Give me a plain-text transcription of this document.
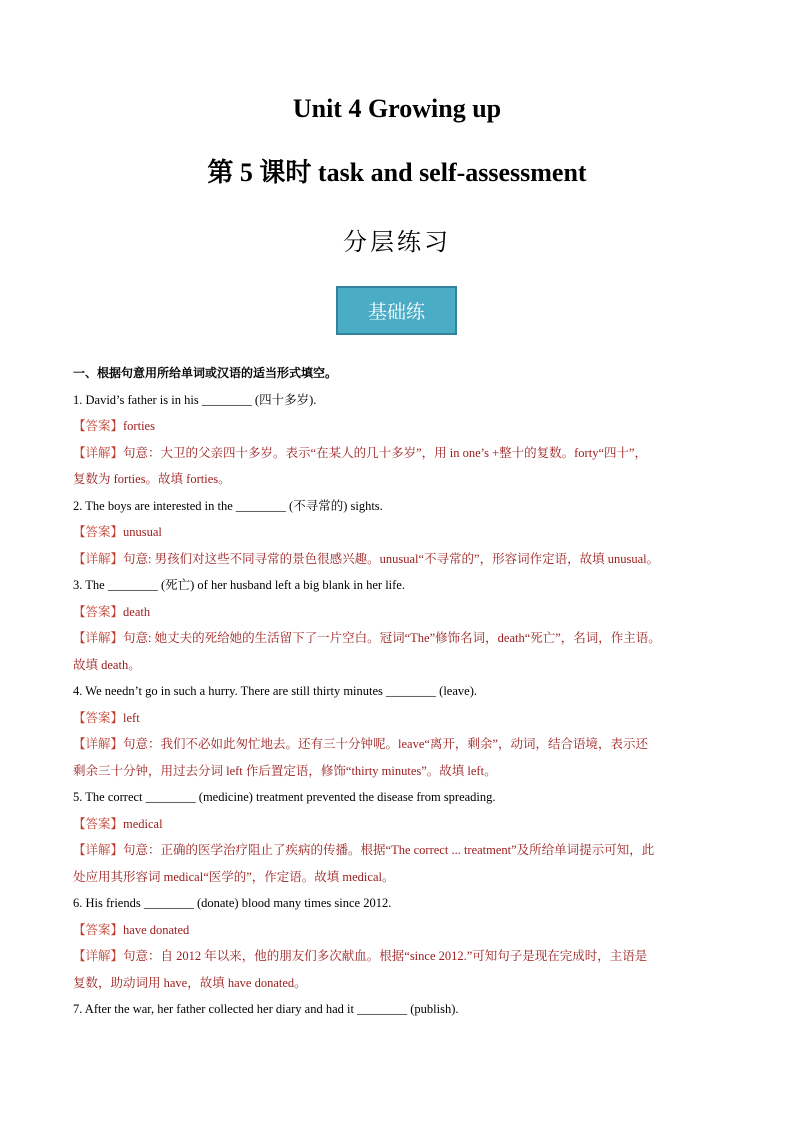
Unit 4 Growing up
第 5 课时 task and self-assessment
分层练习
基础练
一、根据句意用所给单词或汉语的适当形式填空。
1. David’s father is in his ________ (四十多岁).
【答案】forties
【详解】句意：大卫的父亲四十多岁。表示“在某人的几十多岁”，用 in one’s +整十的复数。forty“四十”，
复数为 forties。故填 forties。
2. The boys are interested in the ________ (不寻常的) sights.
【答案】unusual
【详解】句意: 男孩们对这些不同寻常的景色很感兴趣。unusual“不寻常的”，形容词作定语，故填 unusual。
3. The ________ (死亡) of her husband left a big blank in her life.
【答案】death
【详解】句意: 她丈夫的死给她的生活留下了一片空白。冠词“The”修饰名词，death“死亡”，名词，作主语。
故填 death。
4. We needn’t go in such a hurry. There are still thirty minutes ________ (leave).
【答案】left
【详解】句意：我们不必如此匆忙地去。还有三十分钟呢。leave“离开，剩余”，动词，结合语境，表示还
剩余三十分钟，用过去分词 left 作后置定语，修饰“thirty minutes”。故填 left。
5. The correct ________ (medicine) treatment prevented the disease from spreading.
【答案】medical
【详解】句意：正确的医学治疗阻止了疾病的传播。根据“The correct ... treatment”及所给单词提示可知，此
处应用其形容词 medical“医学的”，作定语。故填 medical。
6. His friends ________ (donate) blood many times since 2012.
【答案】have donated
【详解】句意：自 2012 年以来，他的朋友们多次献血。根据“since 2012.”可知句子是现在完成时，主语是
复数，助动词用 have，故填 have donated。
7. After the war, her father collected her diary and had it ________ (publish).
